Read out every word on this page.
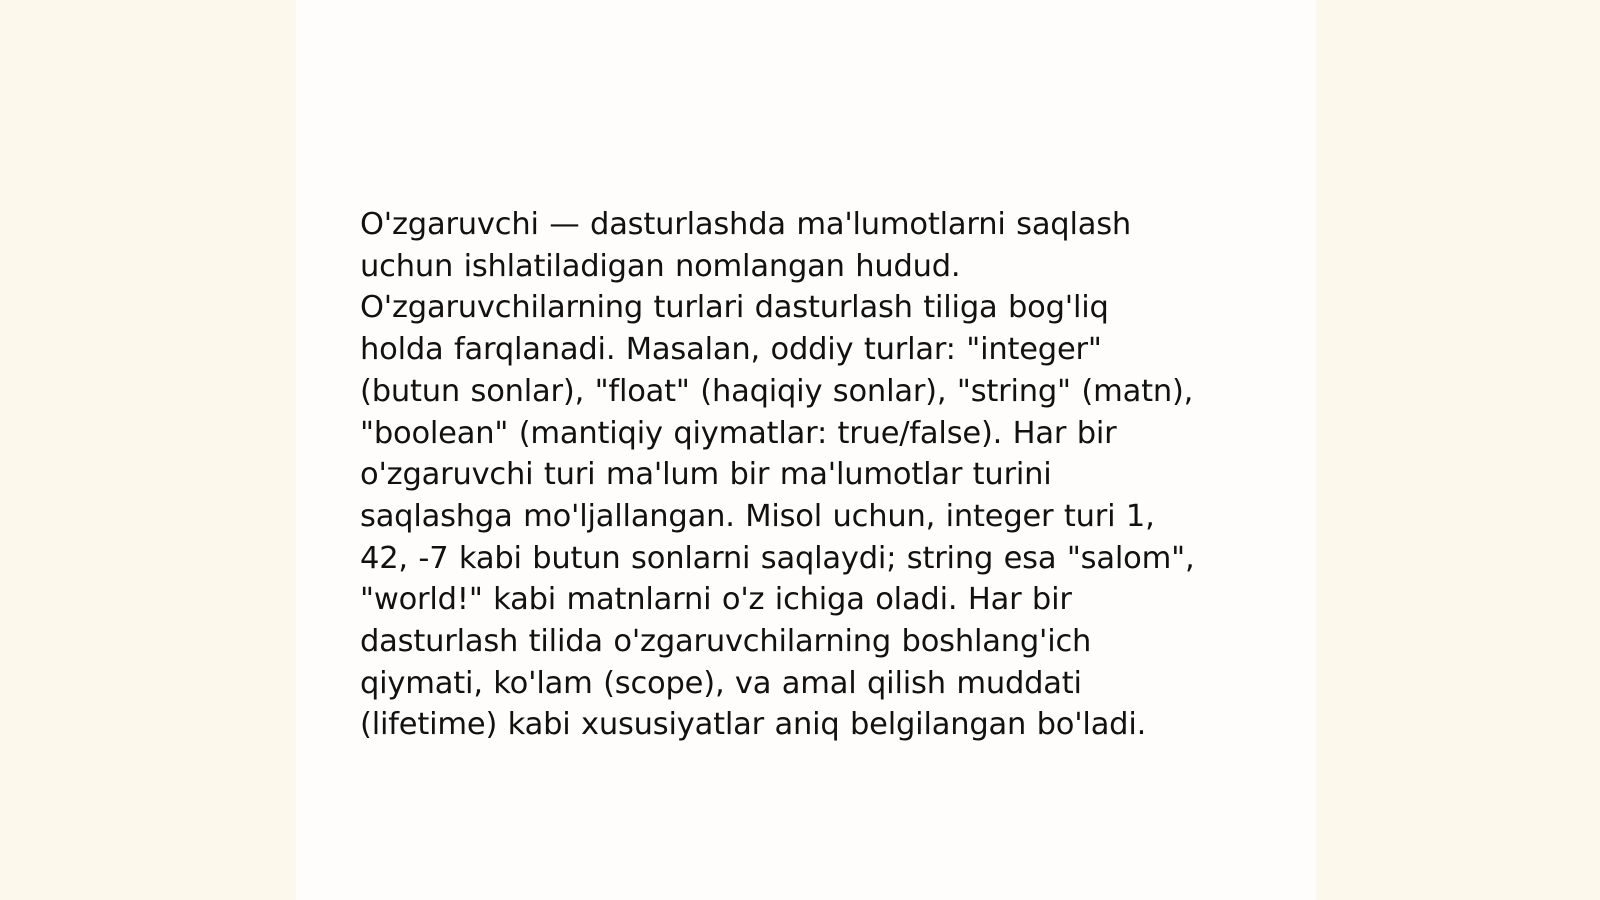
O'zgaruvchi — dasturlashda ma'lumotlarni saqlash
uchun ishlatiladigan nomlangan hudud.
O'zgaruvchilarning turlari dasturlash tiliga bog'liq
holda farqlanadi. Masalan, oddiy turlar: "integer"
(butun sonlar), "float" (haqiqiy sonlar), "string" (matn),
"boolean" (mantiqiy qiymatlar: true/false). Har bir
o'zgaruvchi turi ma'lum bir ma'lumotlar turini
saqlashga mo'ljallangan. Misol uchun, integer turi 1,
42, -7 kabi butun sonlarni saqlaydi; string esa "salom",
"world!" kabi matnlarni o'z ichiga oladi. Har bir
dasturlash tilida o'zgaruvchilarning boshlang'ich
qiymati, ko'lam (scope), va amal qilish muddati
(lifetime) kabi xususiyatlar aniq belgilangan bo'ladi.
